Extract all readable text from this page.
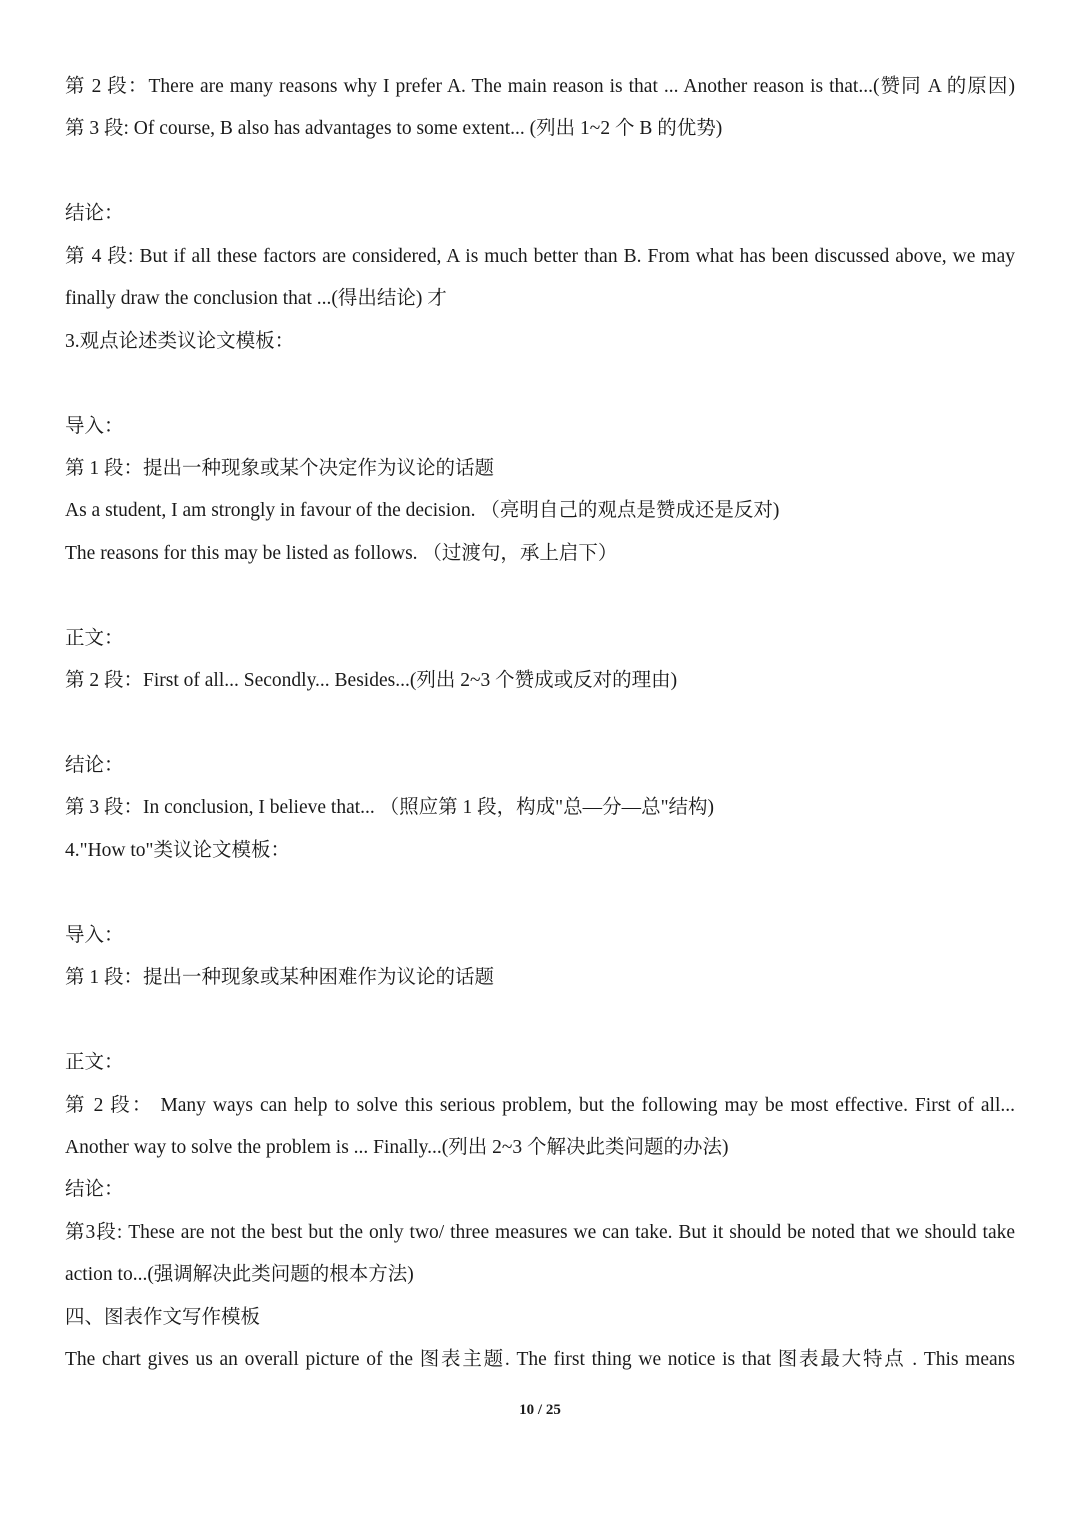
第 2 段：There are many reasons why I prefer A. The main reason is that ... Another reason is that...(赞同 A 的原因)
第 3 段: Of course, B also has advantages to some extent... (列出 1~2 个 B 的优势)
结论：
第 4 段: But if all these factors are considered, A is much better than B. From what has been discussed above, we may
finally draw the conclusion that ...(得出结论) 才
3.观点论述类议论文模板：
导入：
第 1 段：提出一种现象或某个决定作为议论的话题
As a student, I am strongly in favour of the decision. （亮明自己的观点是赞成还是反对)
The reasons for this may be listed as follows. （过渡句，承上启下）
正文：
第 2 段：First of all... Secondly... Besides...(列出 2~3 个赞成或反对的理由)
结论：
第 3 段：In conclusion, I believe that... （照应第 1 段，构成"总—分—总"结构)
4."How to"类议论文模板：
导入：
第 1 段：提出一种现象或某种困难作为议论的话题
正文：
第 2 段： Many ways can help to solve this serious problem, but the following may be most effective. First of all...
Another way to solve the problem is ... Finally...(列出 2~3 个解决此类问题的办法)
结论：
第3段: These are not the best but the only two/ three measures we can take. But it should be noted that we should take
action to...(强调解决此类问题的根本方法)
四、图表作文写作模板
The chart gives us an overall picture of the 图表主题. The first thing we notice is that 图表最大特点 . This means
10 / 25
